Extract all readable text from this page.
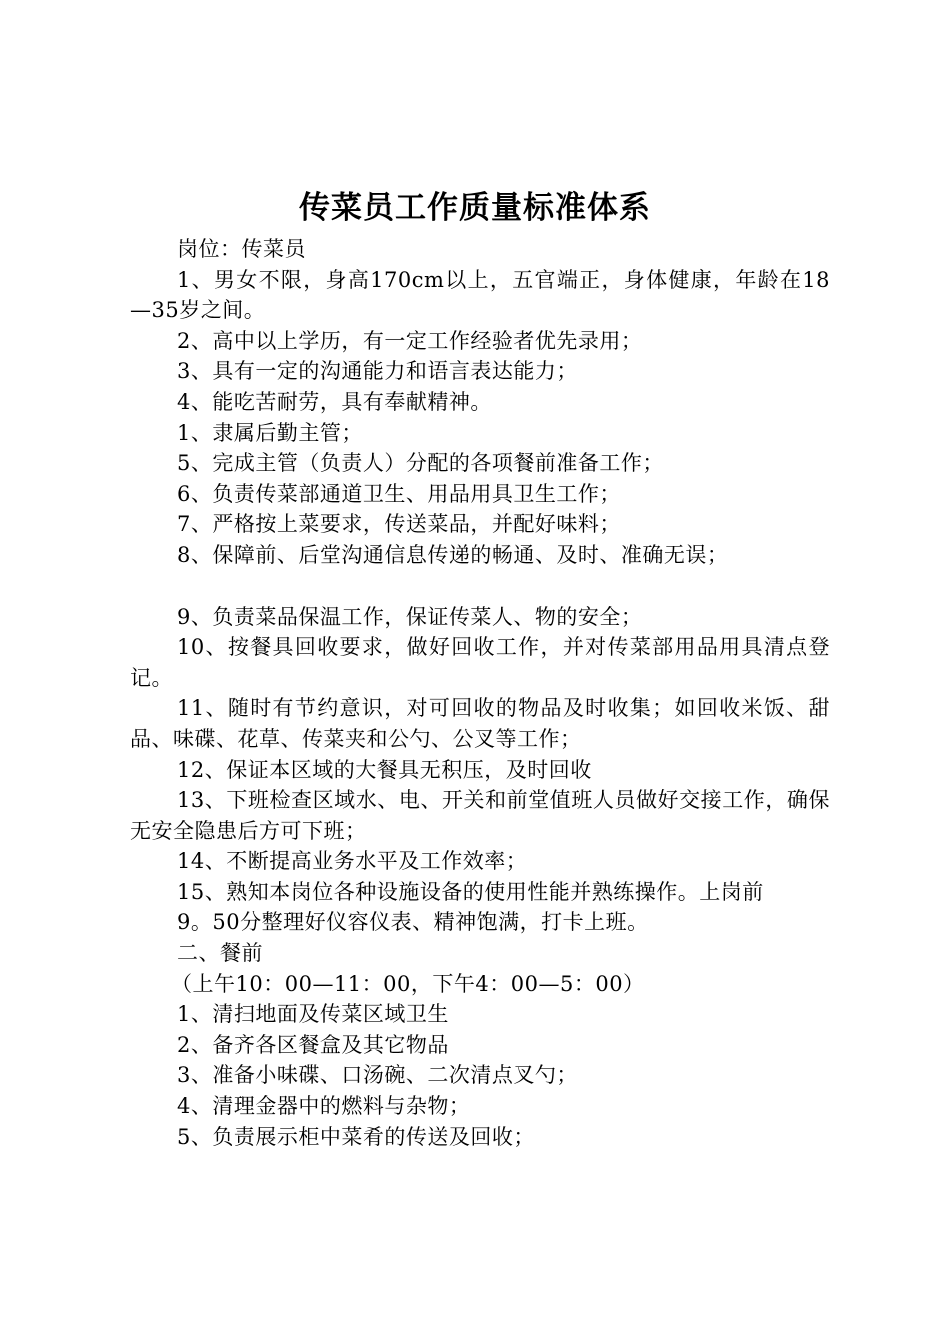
传菜员工作质量标准体系

岗位：传菜员

1、男女不限，身高170cm以上，五官端正，身体健康，年龄在18—35岁之间。

2、高中以上学历，有一定工作经验者优先录用；

3、具有一定的沟通能力和语言表达能力；

4、能吃苦耐劳，具有奉献精神。

1、隶属后勤主管；

5、完成主管（负责人）分配的各项餐前准备工作；

6、负责传菜部通道卫生、用品用具卫生工作；

7、严格按上菜要求，传送菜品，并配好味料；

8、保障前、后堂沟通信息传递的畅通、及时、准确无误；

9、负责菜品保温工作，保证传菜人、物的安全；

10、按餐具回收要求，做好回收工作，并对传菜部用品用具清点登记。

11、随时有节约意识，对可回收的物品及时收集；如回收米饭、甜品、味碟、花草、传菜夹和公勺、公叉等工作；

12、保证本区域的大餐具无积压，及时回收

13、下班检查区域水、电、开关和前堂值班人员做好交接工作，确保无安全隐患后方可下班；

14、不断提高业务水平及工作效率；

15、熟知本岗位各种设施设备的使用性能并熟练操作。上岗前

9。50分整理好仪容仪表、精神饱满，打卡上班。

二、餐前

（上午10：00—11：00，下午4：00—5：00）

1、清扫地面及传菜区域卫生

2、备齐各区餐盒及其它物品

3、准备小味碟、口汤碗、二次清点叉勺；

4、清理金器中的燃料与杂物；

5、负责展示柜中菜肴的传送及回收；
